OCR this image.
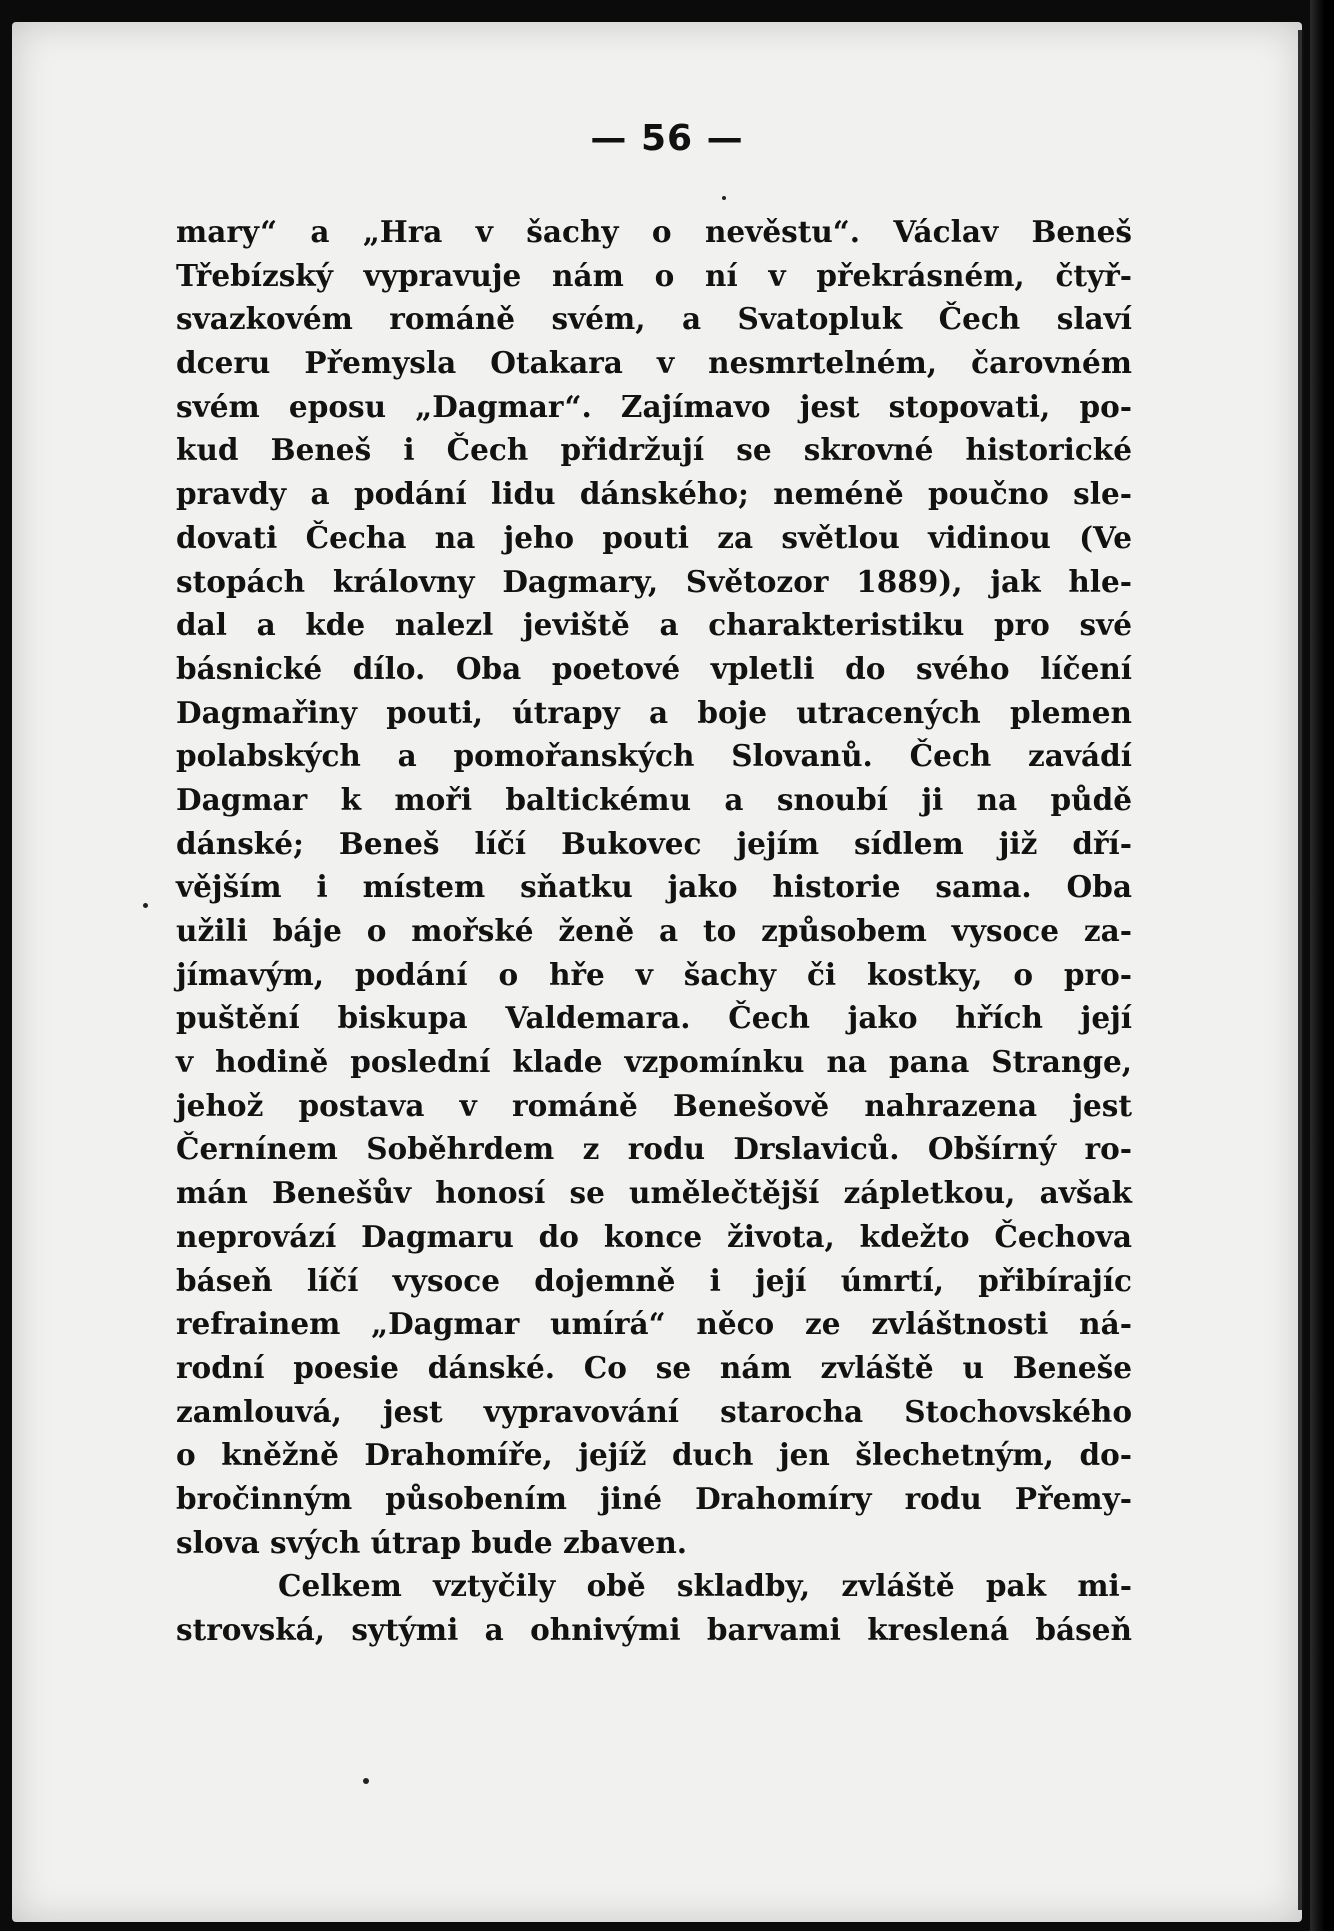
— 56 —
mary“ a „Hra v šachy o nevěstu“. Václav Beneš
Třebízský vypravuje nám o ní v překrásném, čtyř-
svazkovém románě svém, a Svatopluk Čech slaví
dceru Přemysla Otakara v nesmrtelném, čarovném
svém eposu „Dagmar“. Zajímavo jest stopovati, po-
kud Beneš i Čech přidržují se skrovné historické
pravdy a podání lidu dánského; neméně poučno sle-
dovati Čecha na jeho pouti za světlou vidinou (Ve
stopách královny Dagmary, Světozor 1889), jak hle-
dal a kde nalezl jeviště a charakteristiku pro své
básnické dílo. Oba poetové vpletli do svého líčení
Dagmařiny pouti, útrapy a boje utracených plemen
polabských a pomořanských Slovanů. Čech zavádí
Dagmar k moři baltickému a snoubí ji na půdě
dánské; Beneš líčí Bukovec jejím sídlem již dří-
vějším i místem sňatku jako historie sama. Oba
užili báje o mořské ženě a to způsobem vysoce za-
jímavým, podání o hře v šachy či kostky, o pro-
puštění biskupa Valdemara. Čech jako hřích její
v hodině poslední klade vzpomínku na pana Strange,
jehož postava v románě Benešově nahrazena jest
Černínem Soběhrdem z rodu Drslaviců. Obšírný ro-
mán Benešův honosí se umělečtější zápletkou, avšak
neprovází Dagmaru do konce života, kdežto Čechova
báseň líčí vysoce dojemně i její úmrtí, přibírajíc
refrainem „Dagmar umírá“ něco ze zvláštnosti ná-
rodní poesie dánské. Co se nám zvláště u Beneše
zamlouvá, jest vypravování starocha Stochovského
o kněžně Drahomíře, jejíž duch jen šlechetným, do-
bročinným působením jiné Drahomíry rodu Přemy-
slova svých útrap bude zbaven.
Celkem vztyčily obě skladby, zvláště pak mi-
strovská, sytými a ohnivými barvami kreslená báseň
